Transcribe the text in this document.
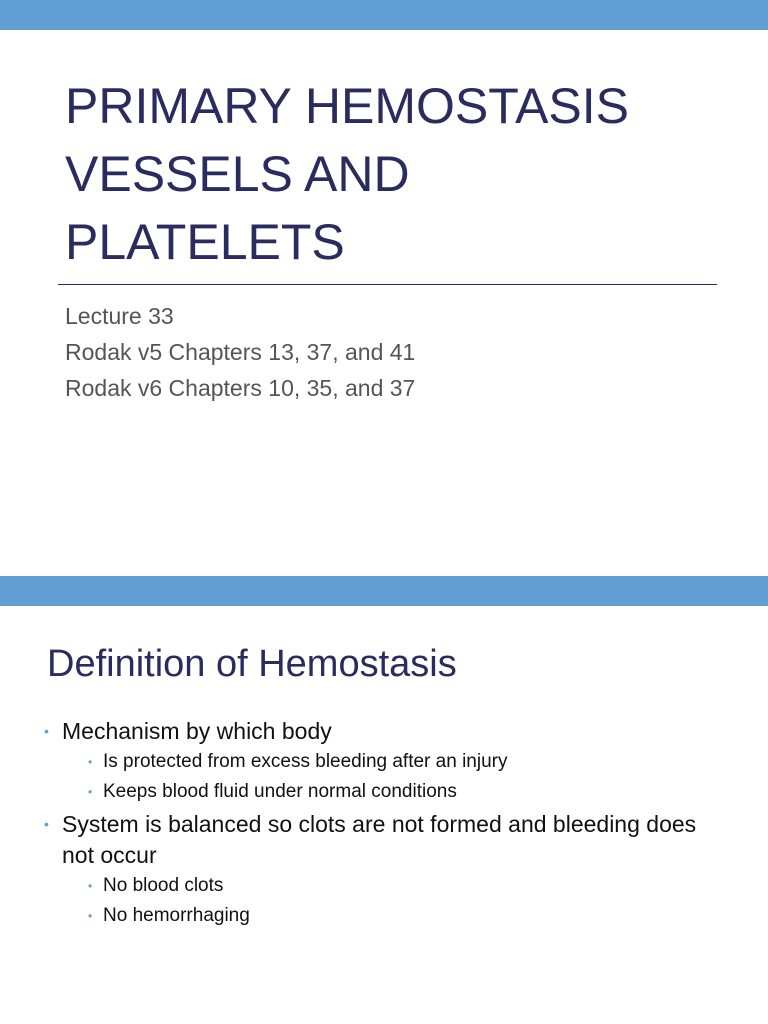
PRIMARY HEMOSTASIS
VESSELS AND
PLATELETS
Lecture 33
Rodak v5 Chapters 13, 37, and 41
Rodak v6 Chapters 10, 35, and 37
Definition of Hemostasis
• Mechanism by which body
• Is protected from excess bleeding after an injury
• Keeps blood fluid under normal conditions
• System is balanced so clots are not formed and bleeding does not occur
• No blood clots
• No hemorrhaging
